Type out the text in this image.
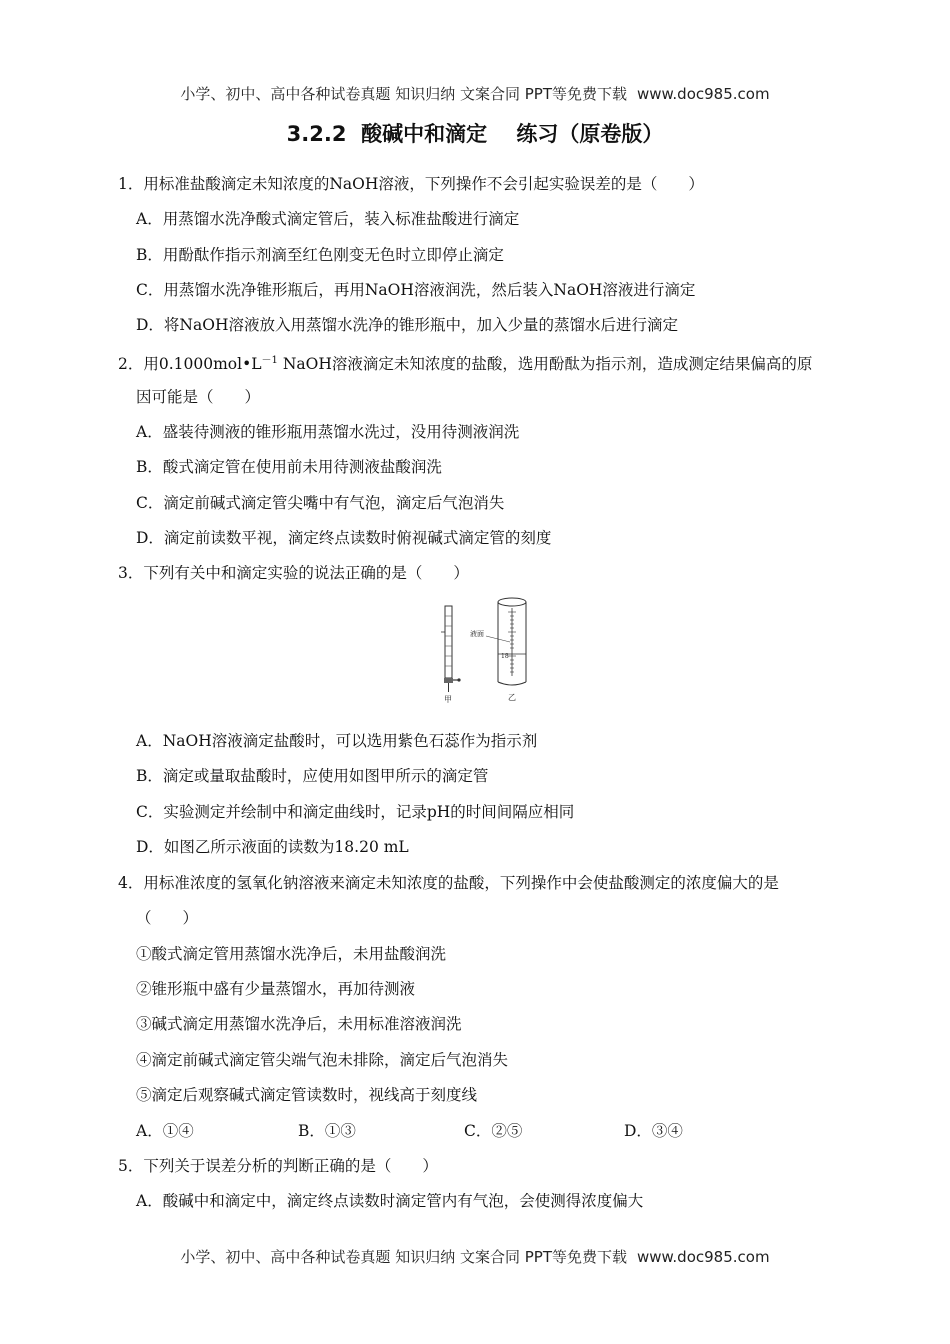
小学、初中、高中各种试卷真题 知识归纳 文案合同 PPT等免费下载 www.doc985.com
3.2.2  酸碱中和滴定    练习（原卷版）
1．用标准盐酸滴定未知浓度的NaOH溶液，下列操作不会引起实验误差的是（　　）
A．用蒸馏水洗净酸式滴定管后，装入标准盐酸进行滴定
B．用酚酞作指示剂滴至红色刚变无色时立即停止滴定
C．用蒸馏水洗净锥形瓶后，再用NaOH溶液润洗，然后装入NaOH溶液进行滴定
D．将NaOH溶液放入用蒸馏水洗净的锥形瓶中，加入少量的蒸馏水后进行滴定
2．用$0.1000mol•L^{-1}$ NaOH溶液滴定未知浓度的盐酸，选用酚酞为指示剂，造成测定结果偏高的原
因可能是（　　）
A．盛装待测液的锥形瓶用蒸馏水洗过，没用待测液润洗
B．酸式滴定管在使用前未用待测液盐酸润洗
C．滴定前碱式滴定管尖嘴中有气泡，滴定后气泡消失
D．滴定前读数平视，滴定终点读数时俯视碱式滴定管的刻度
3．下列有关中和滴定实验的说法正确的是（　　）
甲
液面
18
乙
A．NaOH溶液滴定盐酸时，可以选用紫色石蕊作为指示剂
B．滴定或量取盐酸时，应使用如图甲所示的滴定管
C．实验测定并绘制中和滴定曲线时，记录pH的时间间隔应相同
D．如图乙所示液面的读数为18.20 mL
4．用标准浓度的氢氧化钠溶液来滴定未知浓度的盐酸，下列操作中会使盐酸测定的浓度偏大的是
（　　）
①酸式滴定管用蒸馏水洗净后，未用盐酸润洗
②锥形瓶中盛有少量蒸馏水，再加待测液
③碱式滴定用蒸馏水洗净后，未用标准溶液润洗
④滴定前碱式滴定管尖端气泡未排除，滴定后气泡消失
⑤滴定后观察碱式滴定管读数时，视线高于刻度线
A．①④	B．①③	C．②⑤	D．③④
5．下列关于误差分析的判断正确的是（　　）
A．酸碱中和滴定中，滴定终点读数时滴定管内有气泡，会使测得浓度偏大
小学、初中、高中各种试卷真题 知识归纳 文案合同 PPT等免费下载 www.doc985.com
